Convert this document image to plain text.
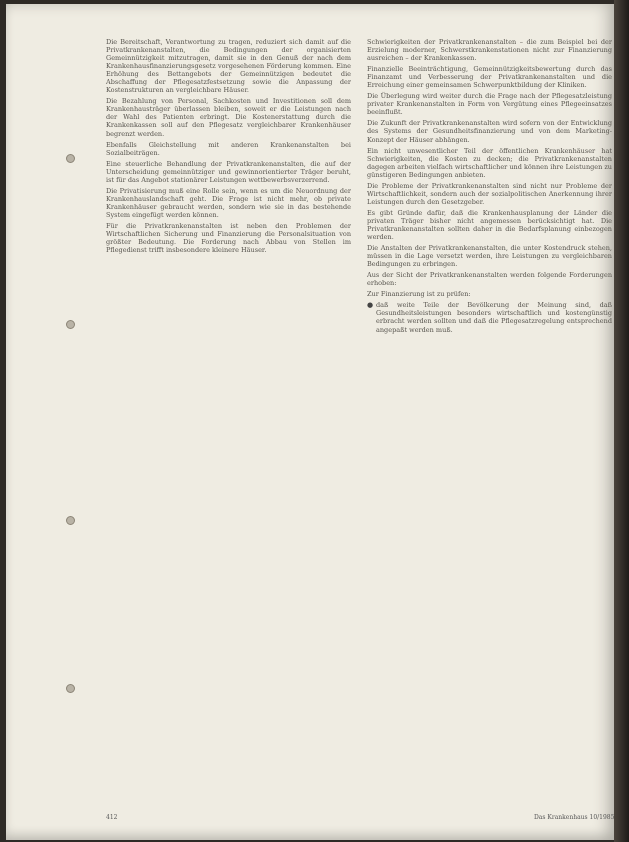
Die Bereitschaft, Verantwortung zu tragen, reduziert sich damit auf die Privatkrankenanstalten, die Bedingungen der organisierten Gemeinnützigkeit mitzutragen, damit sie in den Genuß der nach dem Krankenhausfinanzierungsgesetz vorgesehenen Förderung kommen. Eine Erhöhung des Bettangebots der Gemeinnützigen bedeutet die Abschaffung der Pflegesatzfestsetzung sowie die Anpassung der Kostenstrukturen an vergleichbare Häuser.

Die Bezahlung von Personal, Sachkosten und Investitionen soll dem Krankenhausträger überlassen bleiben, soweit er die Leistungen nach der Wahl des Patienten erbringt. Die Kostenerstattung durch die Krankenkassen soll auf den Pflegesatz vergleichbarer Krankenhäuser begrenzt werden.

Ebenfalls Gleichstellung mit anderen Krankenanstalten bei Sozialbeiträgen.

Eine steuerliche Behandlung der Privatkrankenanstalten, die auf der Unterscheidung gemeinnütziger und gewinnorientierter Träger beruht, ist für das Angebot stationärer Leistungen wettbewerbsverzerrend.

Die Privatisierung muß eine Rolle sein, wenn es um die Neuordnung der Krankenhauslandschaft geht. Die Frage ist nicht mehr, ob private Krankenhäuser gebraucht werden, sondern wie sie in das bestehende System eingefügt werden können.

Für die Privatkrankenanstalten ist neben den Problemen der Wirtschaftlichen Sicherung und Finanzierung die Personalsituation von größter Bedeutung. Die Forderung nach Abbau von Stellen im Pflegedienst trifft insbesondere kleinere Häuser.

Schwierigkeiten der Privatkrankenanstalten – die zum Beispiel bei der Erzielung moderner, Schwerstkrankenstationen nicht zur Finanzierung ausreichen – der Krankenkassen.

Finanzielle Beeinträchtigung, Gemeinnützigkeitsbewertung durch das Finanzamt und Verbesserung der Privatkrankenanstalten und die Erreichung einer gemeinsamen Schwerpunktbildung der Kliniken.

Die Überlegung wird weiter durch die Frage nach der Pflegesatzleistung privater Krankenanstalten in Form von Vergütung eines Pflegeeinsatzes beeinflußt.

Die Zukunft der Privatkrankenanstalten wird sofern von der Entwicklung des Systems der Gesundheitsfinanzierung und von dem Marketing-Konzept der Häuser abhängen.

Ein nicht unwesentlicher Teil der öffentlichen Krankenhäuser hat Schwierigkeiten, die Kosten zu decken; die Privatkrankenanstalten dagegen arbeiten vielfach wirtschaftlicher und können ihre Leistungen zu günstigeren Bedingungen anbieten.

Die Probleme der Privatkrankenanstalten sind nicht nur Probleme der Wirtschaftlichkeit, sondern auch der sozialpolitischen Anerkennung ihrer Leistungen durch den Gesetzgeber.

Es gibt Gründe dafür, daß die Krankenhausplanung der Länder die privaten Träger bisher nicht angemessen berücksichtigt hat. Die Privatkrankenanstalten sollten daher in die Bedarfsplanung einbezogen werden.

Die Anstalten der Privatkrankenanstalten, die unter Kostendruck stehen, müssen in die Lage versetzt werden, ihre Leistungen zu vergleichbaren Bedingungen zu erbringen.

Aus der Sicht der Privatkrankenanstalten werden folgende Forderungen erhoben:

Zur Finanzierung ist zu prüfen:

● daß weite Teile der Bevölkerung der Meinung sind, daß Gesundheitsleistungen besonders wirtschaftlich und kostengünstig erbracht werden sollten und daß die Pflegesatzregelung entsprechend angepaßt werden muß.
412	Das Krankenhaus 10/1985
